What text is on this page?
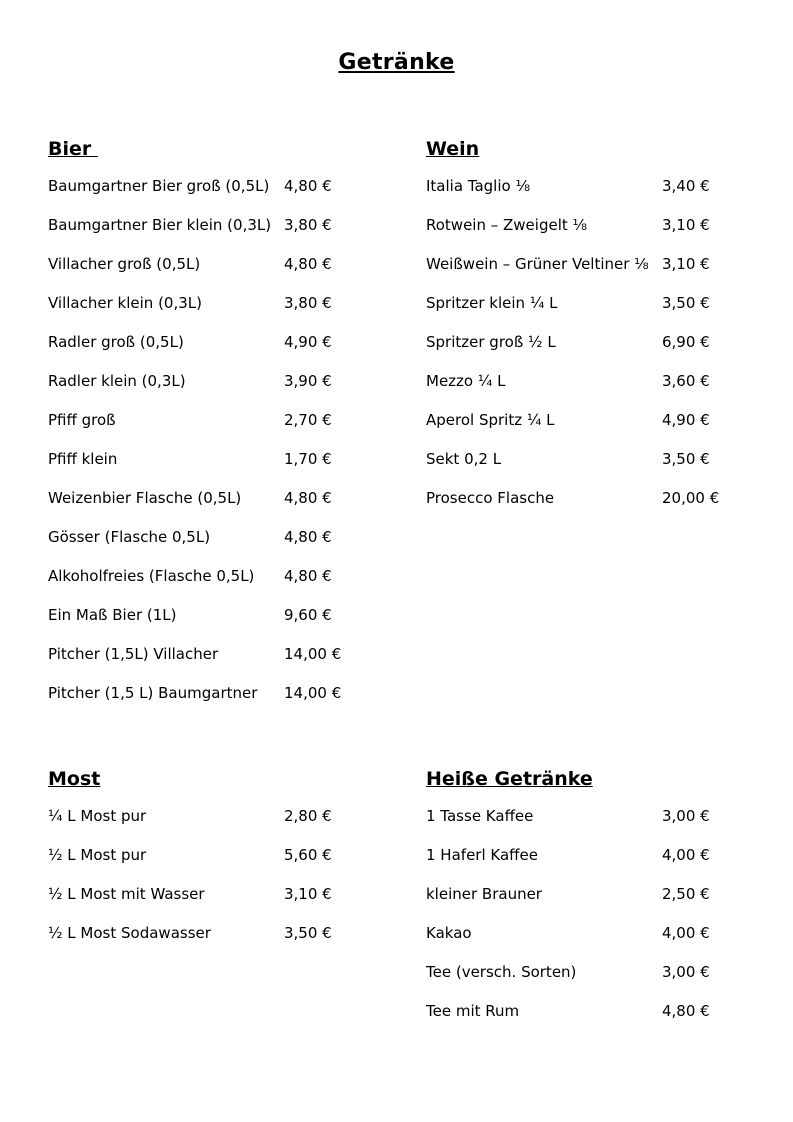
Getränke
Bier
Baumgartner Bier groß (0,5L) 4,80 €
Baumgartner Bier klein (0,3L) 3,80 €
Villacher groß (0,5L)	4,80 €
Villacher klein (0,3L)	3,80 €
Radler groß (0,5L)	4,90 €
Radler klein (0,3L)	3,90 €
Pfiff groß	2,70 €
Pfiff klein	1,70 €
Weizenbier Flasche (0,5L)	4,80 €
Gösser (Flasche 0,5L)	4,80 €
Alkoholfreies (Flasche 0,5L) 4,80 €
Ein Maß Bier (1L)	9,60 €
Pitcher (1,5L) Villacher	14,00 €
Pitcher (1,5 L) Baumgartner 14,00 €
Wein
Italia Taglio ⅛	3,40 €
Rotwein – Zweigelt ⅛	3,10 €
Weißwein – Grüner Veltiner ⅛ 3,10 €
Spritzer klein ¼ L	3,50 €
Spritzer groß ½ L	6,90 €
Mezzo ¼ L	3,60 €
Aperol Spritz ¼ L	4,90 €
Sekt 0,2 L	3,50 €
Prosecco Flasche	20,00 €
Most
¼ L Most pur	2,80 €
½ L Most pur	5,60 €
½ L Most mit Wasser	3,10 €
½ L Most Sodawasser	3,50 €
Heiße Getränke
1 Tasse Kaffee	3,00 €
1 Haferl Kaffee	4,00 €
kleiner Brauner	2,50 €
Kakao	4,00 €
Tee (versch. Sorten)	3,00 €
Tee mit Rum	4,80 €
